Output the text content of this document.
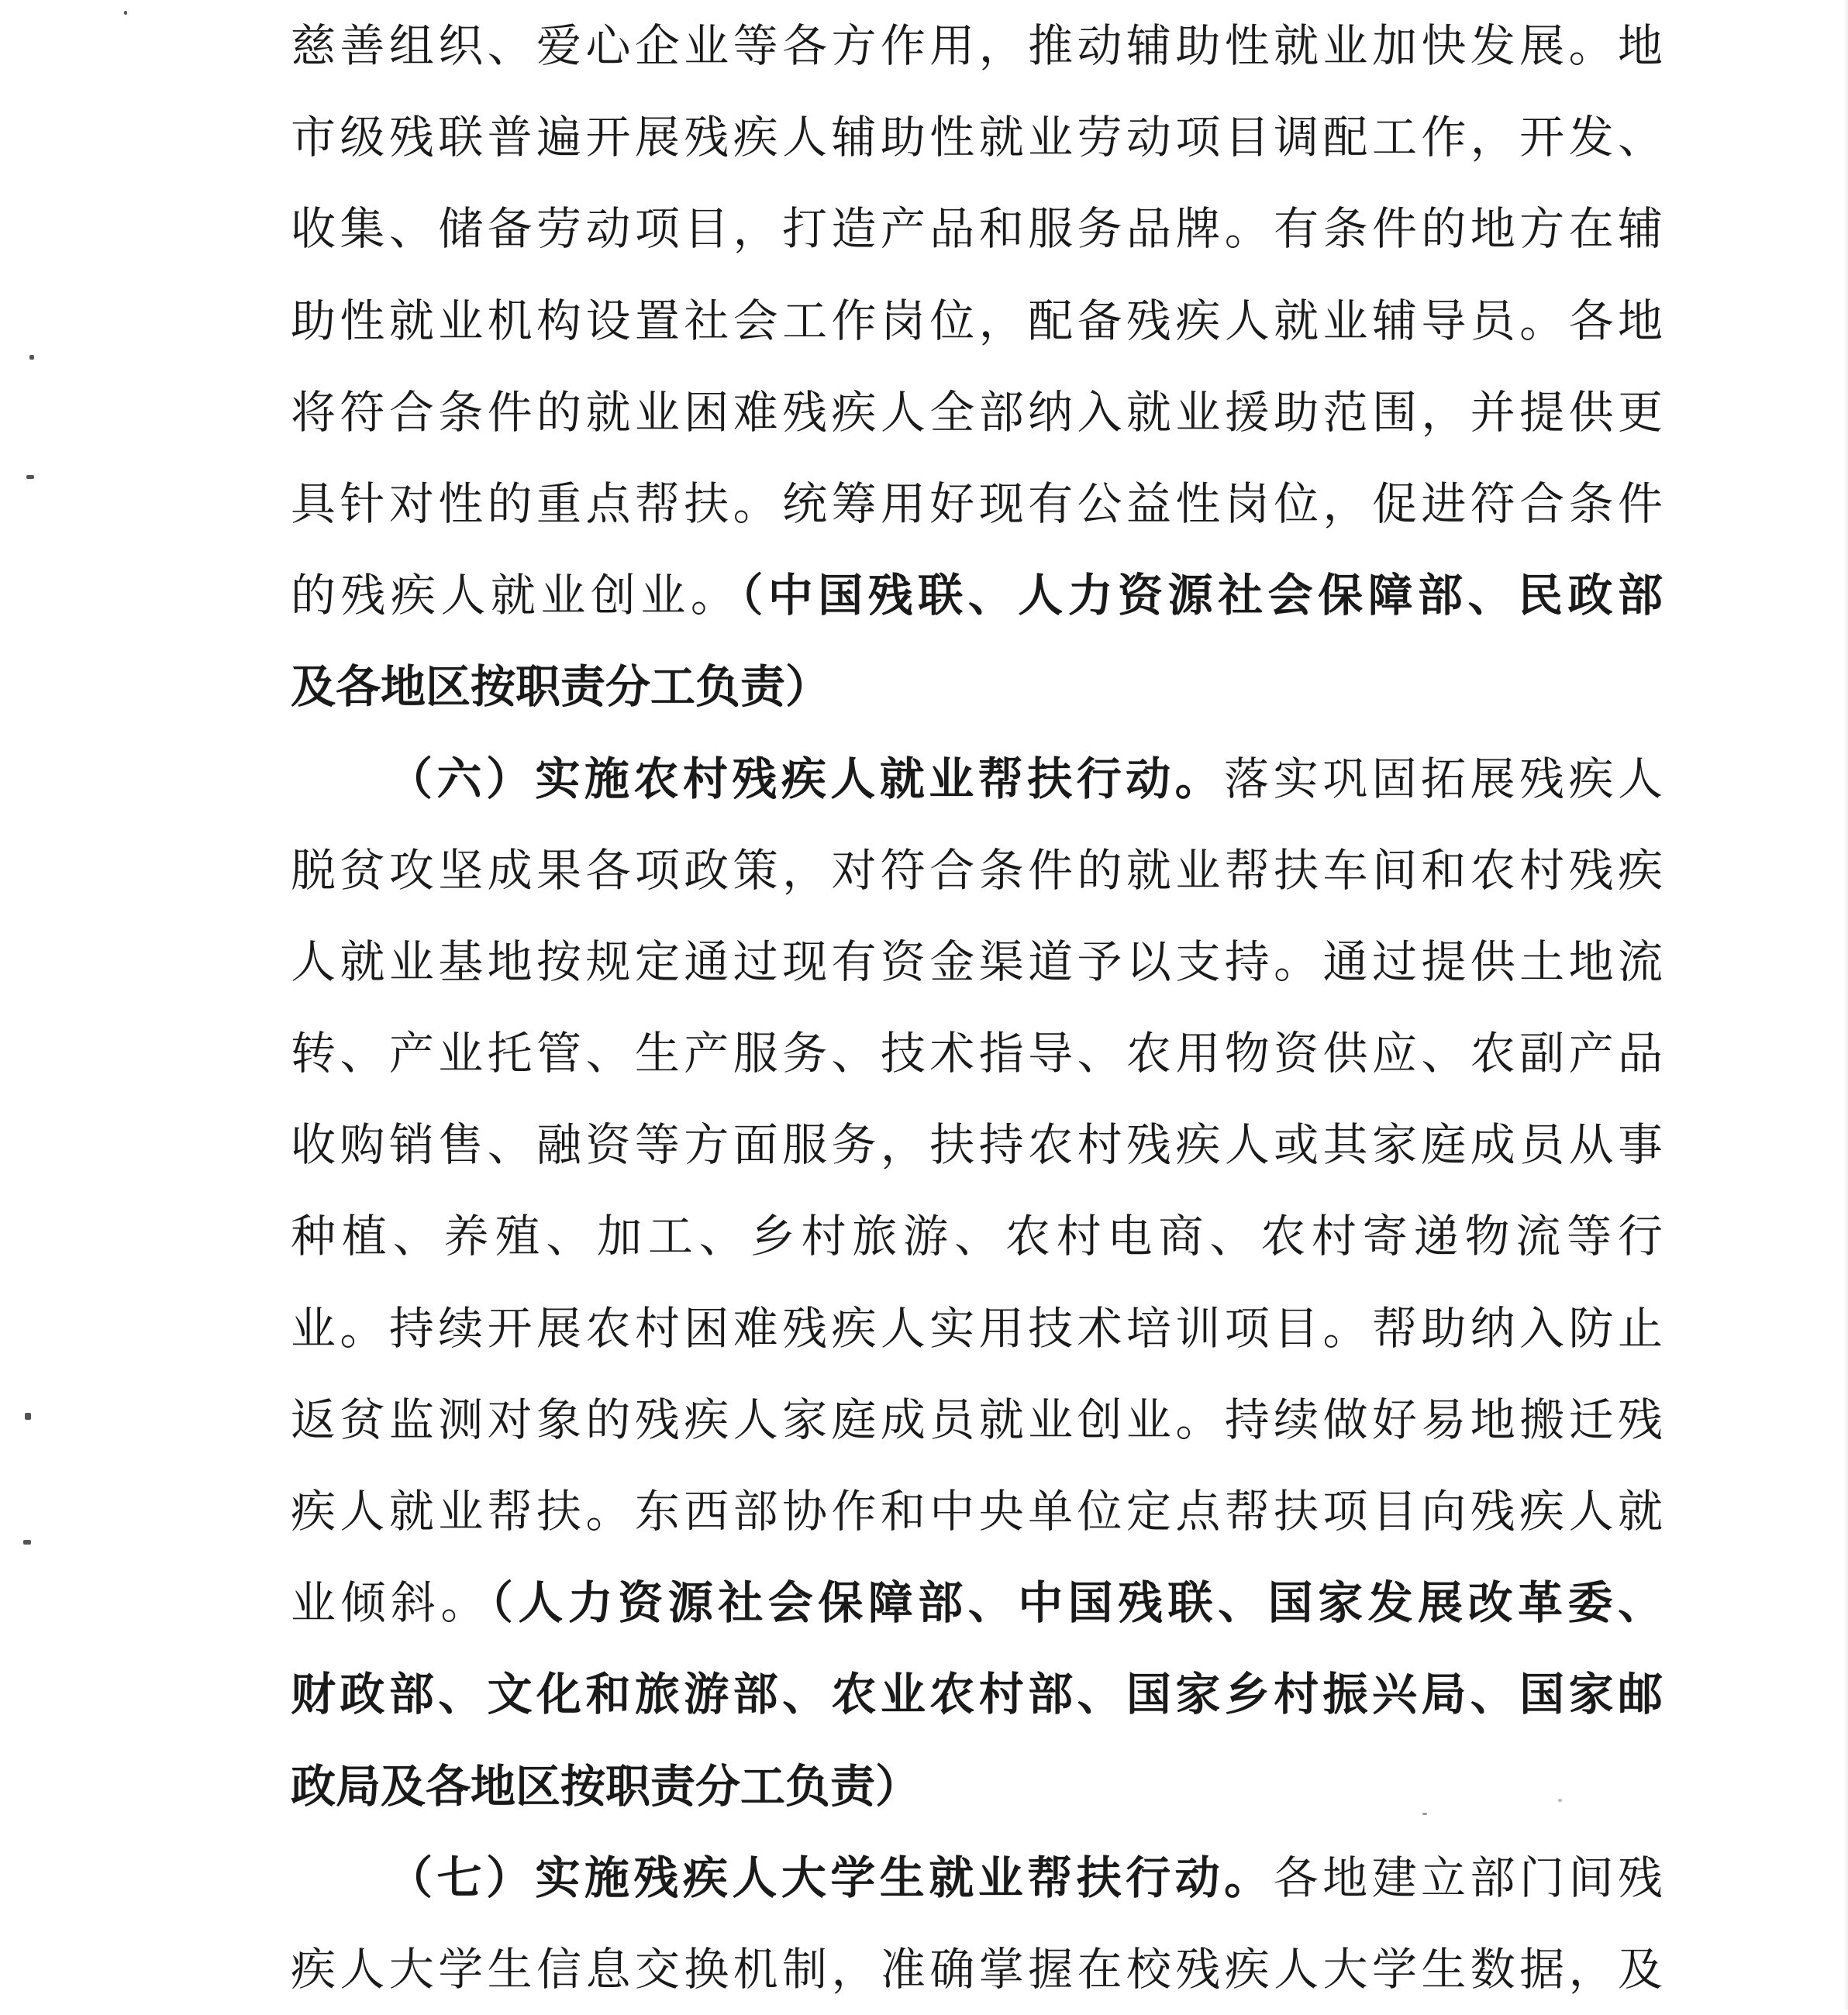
慈善组织、爱心企业等各方作用，推动辅助性就业加快发展。地
市级残联普遍开展残疾人辅助性就业劳动项目调配工作，开发、
收集、储备劳动项目，打造产品和服务品牌。有条件的地方在辅
助性就业机构设置社会工作岗位，配备残疾人就业辅导员。各地
将符合条件的就业困难残疾人全部纳入就业援助范围，并提供更
具针对性的重点帮扶。统筹用好现有公益性岗位，促进符合条件
的残疾人就业创业。（中国残联、人力资源社会保障部、民政部
及各地区按职责分工负责）
（六）实施农村残疾人就业帮扶行动。落实巩固拓展残疾人
脱贫攻坚成果各项政策，对符合条件的就业帮扶车间和农村残疾
人就业基地按规定通过现有资金渠道予以支持。通过提供土地流
转、产业托管、生产服务、技术指导、农用物资供应、农副产品
收购销售、融资等方面服务，扶持农村残疾人或其家庭成员从事
种植、养殖、加工、乡村旅游、农村电商、农村寄递物流等行
业。持续开展农村困难残疾人实用技术培训项目。帮助纳入防止
返贫监测对象的残疾人家庭成员就业创业。持续做好易地搬迁残
疾人就业帮扶。东西部协作和中央单位定点帮扶项目向残疾人就
业倾斜。（人力资源社会保障部、中国残联、国家发展改革委、
财政部、文化和旅游部、农业农村部、国家乡村振兴局、国家邮
政局及各地区按职责分工负责）
（七）实施残疾人大学生就业帮扶行动。各地建立部门间残
疾人大学生信息交换机制，准确掌握在校残疾人大学生数据，及
